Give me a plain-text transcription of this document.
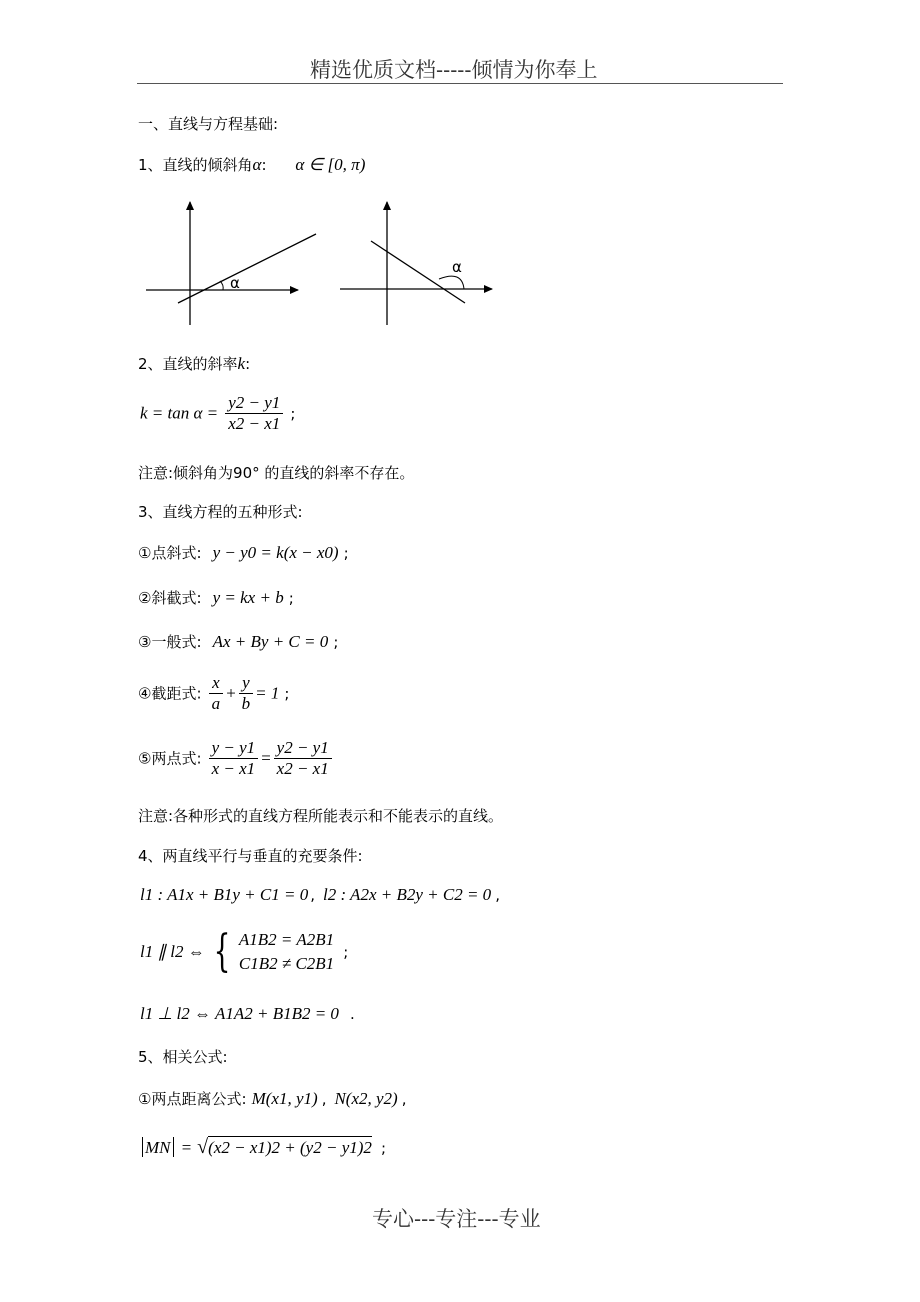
精选优质文档-----倾情为你奉上
一、直线与方程基础:
1、直线的倾斜角α: α ∈ [0, π)
α
α
2、直线的斜率k:
$k = \tan \alpha = \frac{y2 - y1}{x2 - x1}$ ;
注意:倾斜角为90° 的直线的斜率不存在。
3、直线方程的五种形式:
①点斜式: y − y0 = k(x − x0) ;
②斜截式: y = kx + b ;
③一般式: Ax + By + C = 0 ;
④截距式: $\frac{x}{a} + \frac{y}{b} = 1$ ;
⑤两点式: $\frac{y - y1}{x - x1} = \frac{y2 - y1}{x2 - x1}$
注意:各种形式的直线方程所能表示和不能表示的直线。
4、两直线平行与垂直的充要条件:
l1 : A1x + B1y + C1 = 0 , l2 : A2x + B2y + C2 = 0 ,
l1 ∥ l2 ⇔ { A1B2 = A2B1
C1B2 ≠ C2B1
;
l1 ⊥ l2 ⇔ A1A2 + B1B2 = 0 .
5、相关公式:
①两点距离公式: M(x1, y1) , N(x2, y2) ,
MN = √(x2 − x1)2 + (y2 − y1)2 ;
专心---专注---专业
